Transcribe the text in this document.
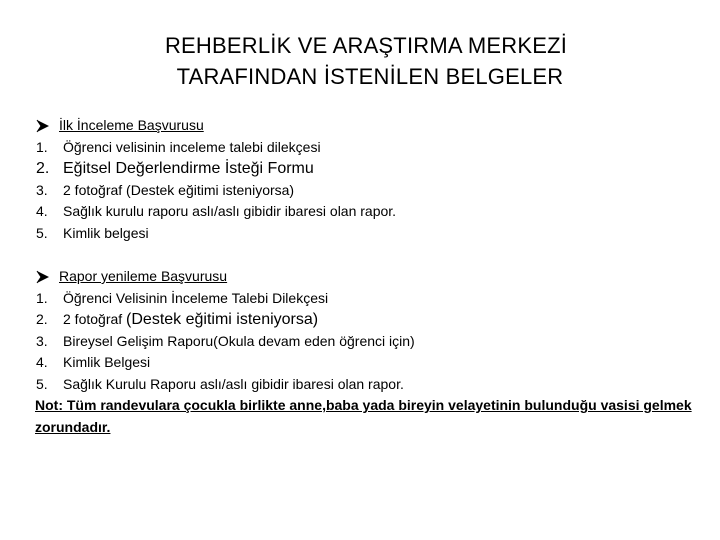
REHBERLİK VE ARAŞTIRMA MERKEZİ
TARAFINDAN İSTENİLEN BELGELER
İlk İnceleme Başvurusu
1.	Öğrenci velisinin inceleme talebi dilekçesi
2. Eğitsel Değerlendirme İsteği Formu
3.	2 fotoğraf (Destek eğitimi isteniyorsa)
4.	Sağlık kurulu raporu aslı/aslı gibidir ibaresi olan rapor.
5.	Kimlik belgesi
Rapor yenileme Başvurusu
1.	Öğrenci Velisinin İnceleme Talebi Dilekçesi
2.	2 fotoğraf (Destek eğitimi isteniyorsa)
3.	Bireysel Gelişim Raporu(Okula devam eden öğrenci için)
4.	Kimlik Belgesi
5.	Sağlık Kurulu Raporu aslı/aslı gibidir ibaresi olan rapor.
Not: Tüm randevulara çocukla birlikte anne,baba yada bireyin velayetinin bulunduğu vasisi gelmek zorundadır.
